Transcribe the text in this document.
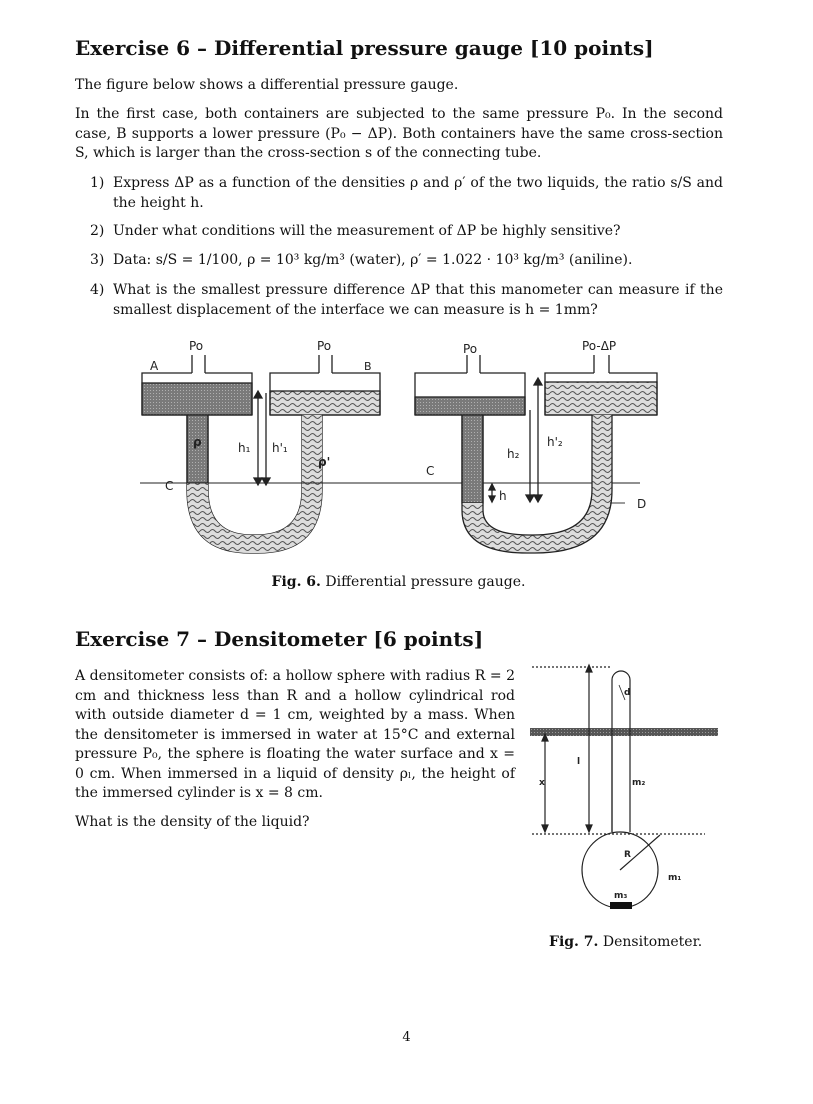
Exercise 6 – Differential pressure gauge [10 points]

The figure below shows a differential pressure gauge.

In the first case, both containers are subjected to the same pressure P₀. In the second case, B supports a lower pressure (P₀ − ΔP). Both containers have the same cross-section S, which is larger than the cross-section s of the connecting tube.

1) Express ΔP as a function of the densities ρ and ρ′ of the two liquids, the ratio s/S and the height h.
2) Under what conditions will the measurement of ΔP be highly sensitive?
3) Data: s/S = 1/100, ρ = 10³ kg/m³ (water), ρ′ = 1.022 · 10³ kg/m³ (aniline).
4) What is the smallest pressure difference ΔP that this manometer can measure if the smallest displacement of the interface we can measure is h = 1mm?
Po	Po	Po	Po-ΔP
A	B
C
C
D
ρ
ρ'
h₁ h'₁	h₂
h'₂
h
Fig. 6. Differential pressure gauge.
Exercise 7 – Densitometer [6 points]

A densitometer consists of: a hollow sphere with radius R = 2 cm and thickness less than R and a hollow cylindrical rod with outside diameter d = 1 cm, weighted by a mass. When the densitometer is immersed in water at 15°C and external pressure P₀, the sphere is floating the water surface and x = 0 cm. When immersed in a liquid of density ρₗ, the height of the immersed cylinder is x = 8 cm.

What is the density of the liquid?

d
l
x	m₂
R
m₁
m₃
Fig. 7. Densitometer.
4
